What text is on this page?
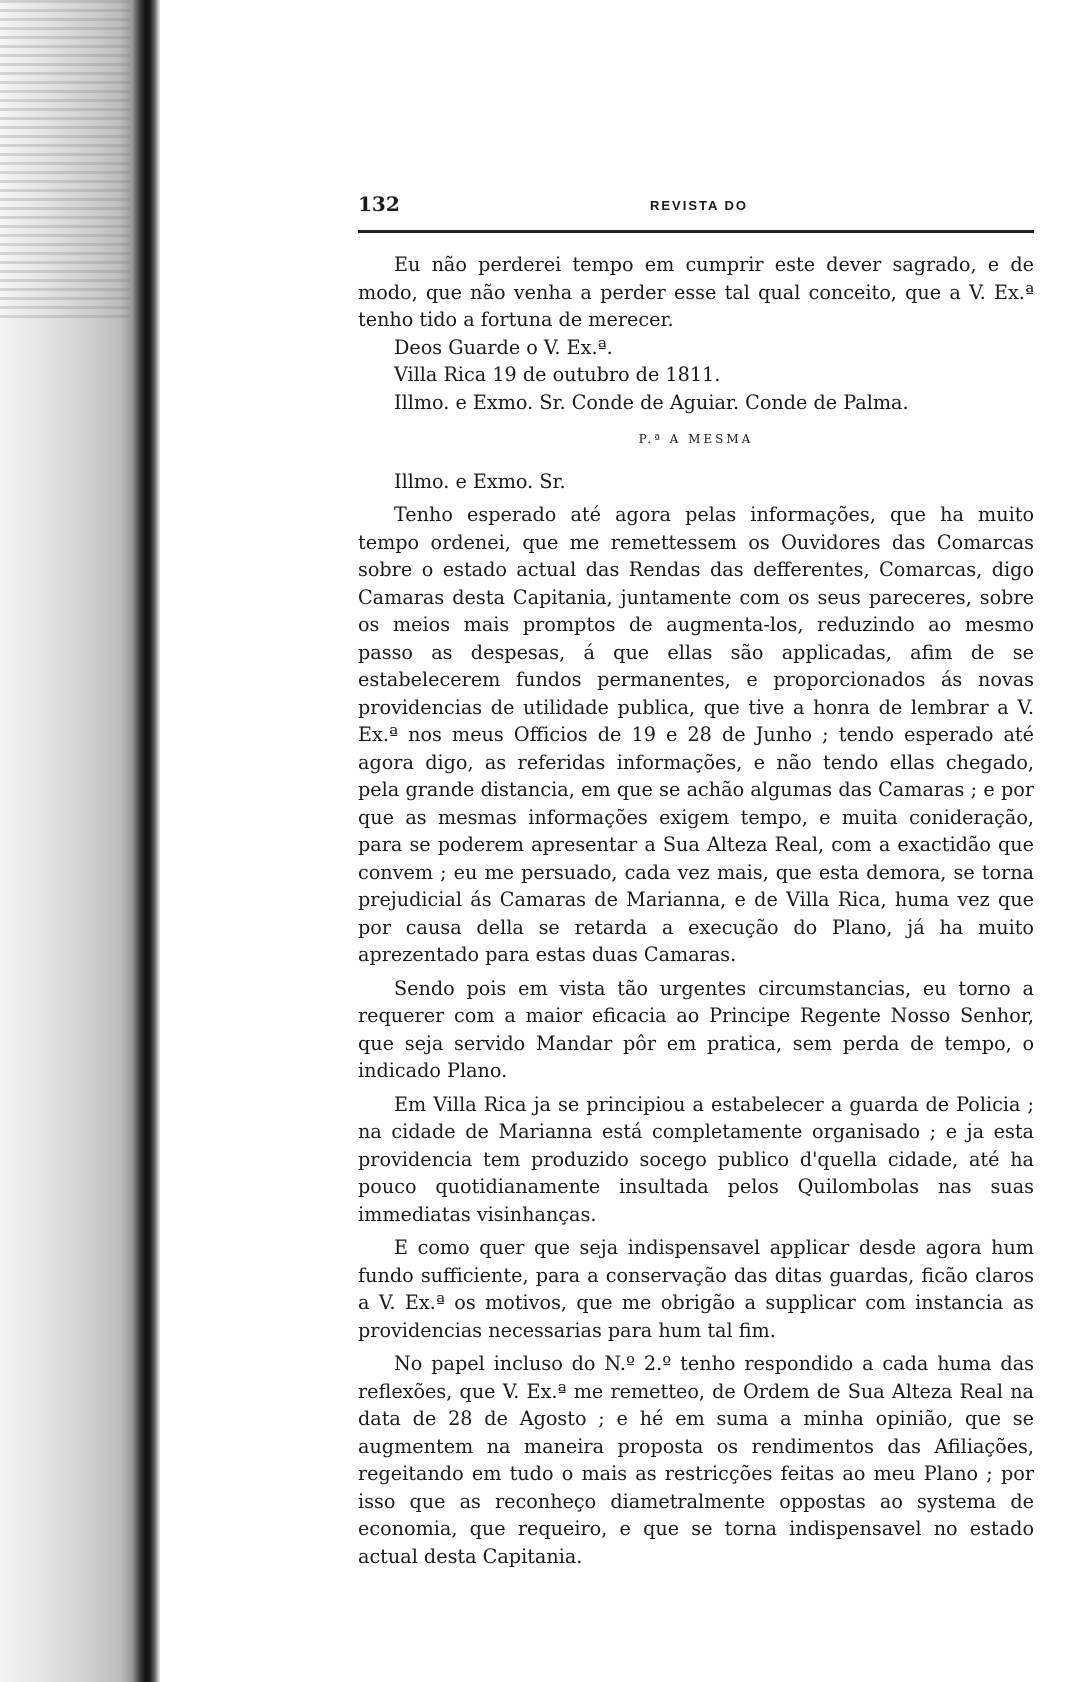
132	REVISTA DO

Eu não perderei tempo em cumprir este dever sagrado, e de modo, que não venha a perder esse tal qual conceito, que a V. Ex.ª tenho tido a fortuna de merecer.

Deos Guarde o V. Ex.ª.

Villa Rica 19 de outubro de 1811.

Illmo. e Exmo. Sr. Conde de Aguiar. Conde de Palma.

P.ª A MESMA

Illmo. e Exmo. Sr.

Tenho esperado até agora pelas informações, que ha muito tempo ordenei, que me remettessem os Ouvidores das Comarcas sobre o estado actual das Rendas das defferentes, Comarcas, digo Camaras desta Capitania, juntamente com os seus pareceres, sobre os meios mais promptos de augmenta-los, reduzindo ao mesmo passo as despesas, á que ellas são applicadas, afim de se estabelecerem fundos permanentes, e proporcionados ás novas providencias de utilidade publica, que tive a honra de lembrar a V. Ex.ª nos meus Officios de 19 e 28 de Junho ; tendo esperado até agora digo, as referidas informações, e não tendo ellas chegado, pela grande distancia, em que se achão algumas das Camaras ; e por que as mesmas informações exigem tempo, e muita conideração, para se poderem apresentar a Sua Alteza Real, com a exactidão que convem ; eu me persuado, cada vez mais, que esta demora, se torna prejudicial ás Camaras de Marianna, e de Villa Rica, huma vez que por causa della se retarda a execução do Plano, já ha muito aprezentado para estas duas Camaras.

Sendo pois em vista tão urgentes circumstancias, eu torno a requerer com a maior eficacia ao Principe Regente Nosso Senhor, que seja servido Mandar pôr em pratica, sem perda de tempo, o indicado Plano.

Em Villa Rica ja se principiou a estabelecer a guarda de Policia ; na cidade de Marianna está completamente organisado ; e ja esta providencia tem produzido socego publico d'quella cidade, até ha pouco quotidianamente insultada pelos Quilombolas nas suas immediatas visinhanças.

E como quer que seja indispensavel applicar desde agora hum fundo sufficiente, para a conservação das ditas guardas, ficão claros a V. Ex.ª os motivos, que me obrigão a supplicar com instancia as providencias necessarias para hum tal fim.

No papel incluso do N.º 2.º tenho respondido a cada huma das reflexões, que V. Ex.ª me remetteo, de Ordem de Sua Alteza Real na data de 28 de Agosto ; e hé em suma a minha opinião, que se augmentem na maneira proposta os rendimentos das Afiliações, regeitando em tudo o mais as restricções feitas ao meu Plano ; por isso que as reconheço diametralmente oppostas ao systema de economia, que requeiro, e que se torna indispensavel no estado actual desta Capitania.
